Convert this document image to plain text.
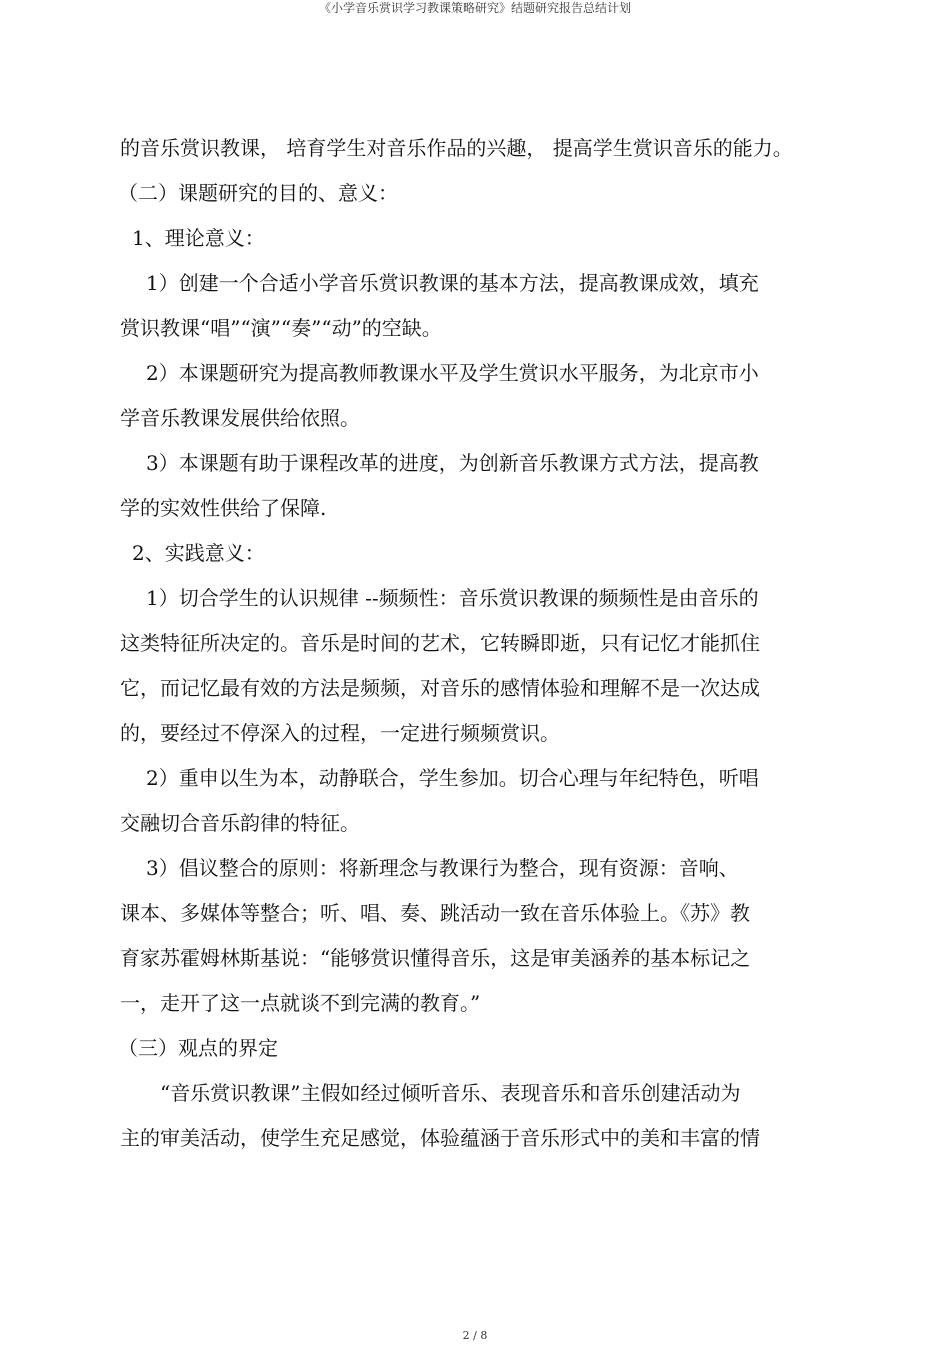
《小学音乐赏识学习教课策略研究》结题研究报告总结计划
的音乐赏识教课， 培育学生对音乐作品的兴趣， 提高学生赏识音乐的能力。
（二）课题研究的目的、意义：
1、理论意义：
1）创建一个合适小学音乐赏识教课的基本方法，提高教课成效，填充
赏识教课“唱”“演”“奏”“动”的空缺。
2）本课题研究为提高教师教课水平及学生赏识水平服务，为北京市小
学音乐教课发展供给依照。
3）本课题有助于课程改革的进度，为创新音乐教课方式方法，提高教
学的实效性供给了保障.
2、实践意义：
1）切合学生的认识规律 --频频性：音乐赏识教课的频频性是由音乐的
这类特征所决定的。音乐是时间的艺术，它转瞬即逝，只有记忆才能抓住
它，而记忆最有效的方法是频频，对音乐的感情体验和理解不是一次达成
的，要经过不停深入的过程，一定进行频频赏识。
2）重申以生为本，动静联合，学生参加。切合心理与年纪特色，听唱
交融切合音乐韵律的特征。
3）倡议整合的原则：将新理念与教课行为整合，现有资源：音响、
课本、多媒体等整合；听、唱、奏、跳活动一致在音乐体验上。《苏》教
育家苏霍姆林斯基说：“能够赏识懂得音乐，这是审美涵养的基本标记之
一，走开了这一点就谈不到完满的教育。”
（三）观点的界定
“音乐赏识教课”主假如经过倾听音乐、表现音乐和音乐创建活动为
主的审美活动，使学生充足感觉，体验蕴涵于音乐形式中的美和丰富的情
2 / 8
